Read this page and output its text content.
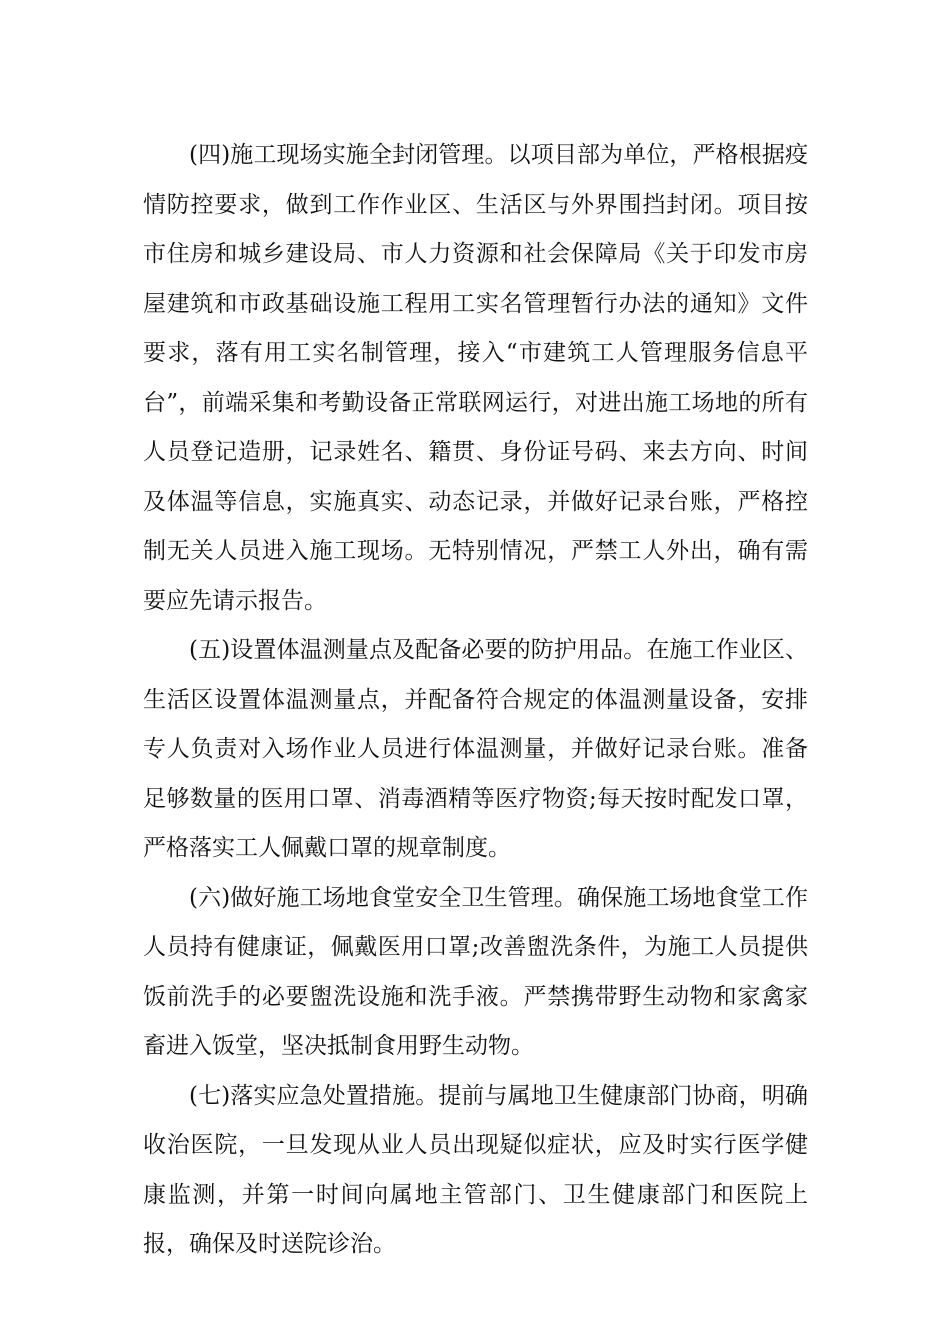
(四)施工现场实施全封闭管理。以项目部为单位，严格根据疫情防控要求，做到工作作业区、生活区与外界围挡封闭。项目按市住房和城乡建设局、市人力资源和社会保障局《关于印发市房屋建筑和市政基础设施工程用工实名管理暂行办法的通知》文件要求，落有用工实名制管理，接入“市建筑工人管理服务信息平台”，前端采集和考勤设备正常联网运行，对进出施工场地的所有人员登记造册，记录姓名、籍贯、身份证号码、来去方向、时间及体温等信息，实施真实、动态记录，并做好记录台账，严格控制无关人员进入施工现场。无特别情况，严禁工人外出，确有需要应先请示报告。

(五)设置体温测量点及配备必要的防护用品。在施工作业区、生活区设置体温测量点，并配备符合规定的体温测量设备，安排专人负责对入场作业人员进行体温测量，并做好记录台账。准备足够数量的医用口罩、消毒酒精等医疗物资;每天按时配发口罩，严格落实工人佩戴口罩的规章制度。

(六)做好施工场地食堂安全卫生管理。确保施工场地食堂工作人员持有健康证，佩戴医用口罩;改善盥洗条件，为施工人员提供饭前洗手的必要盥洗设施和洗手液。严禁携带野生动物和家禽家畜进入饭堂，坚决抵制食用野生动物。

(七)落实应急处置措施。提前与属地卫生健康部门协商，明确收治医院，一旦发现从业人员出现疑似症状，应及时实行医学健康监测，并第一时间向属地主管部门、卫生健康部门和医院上报，确保及时送院诊治。
